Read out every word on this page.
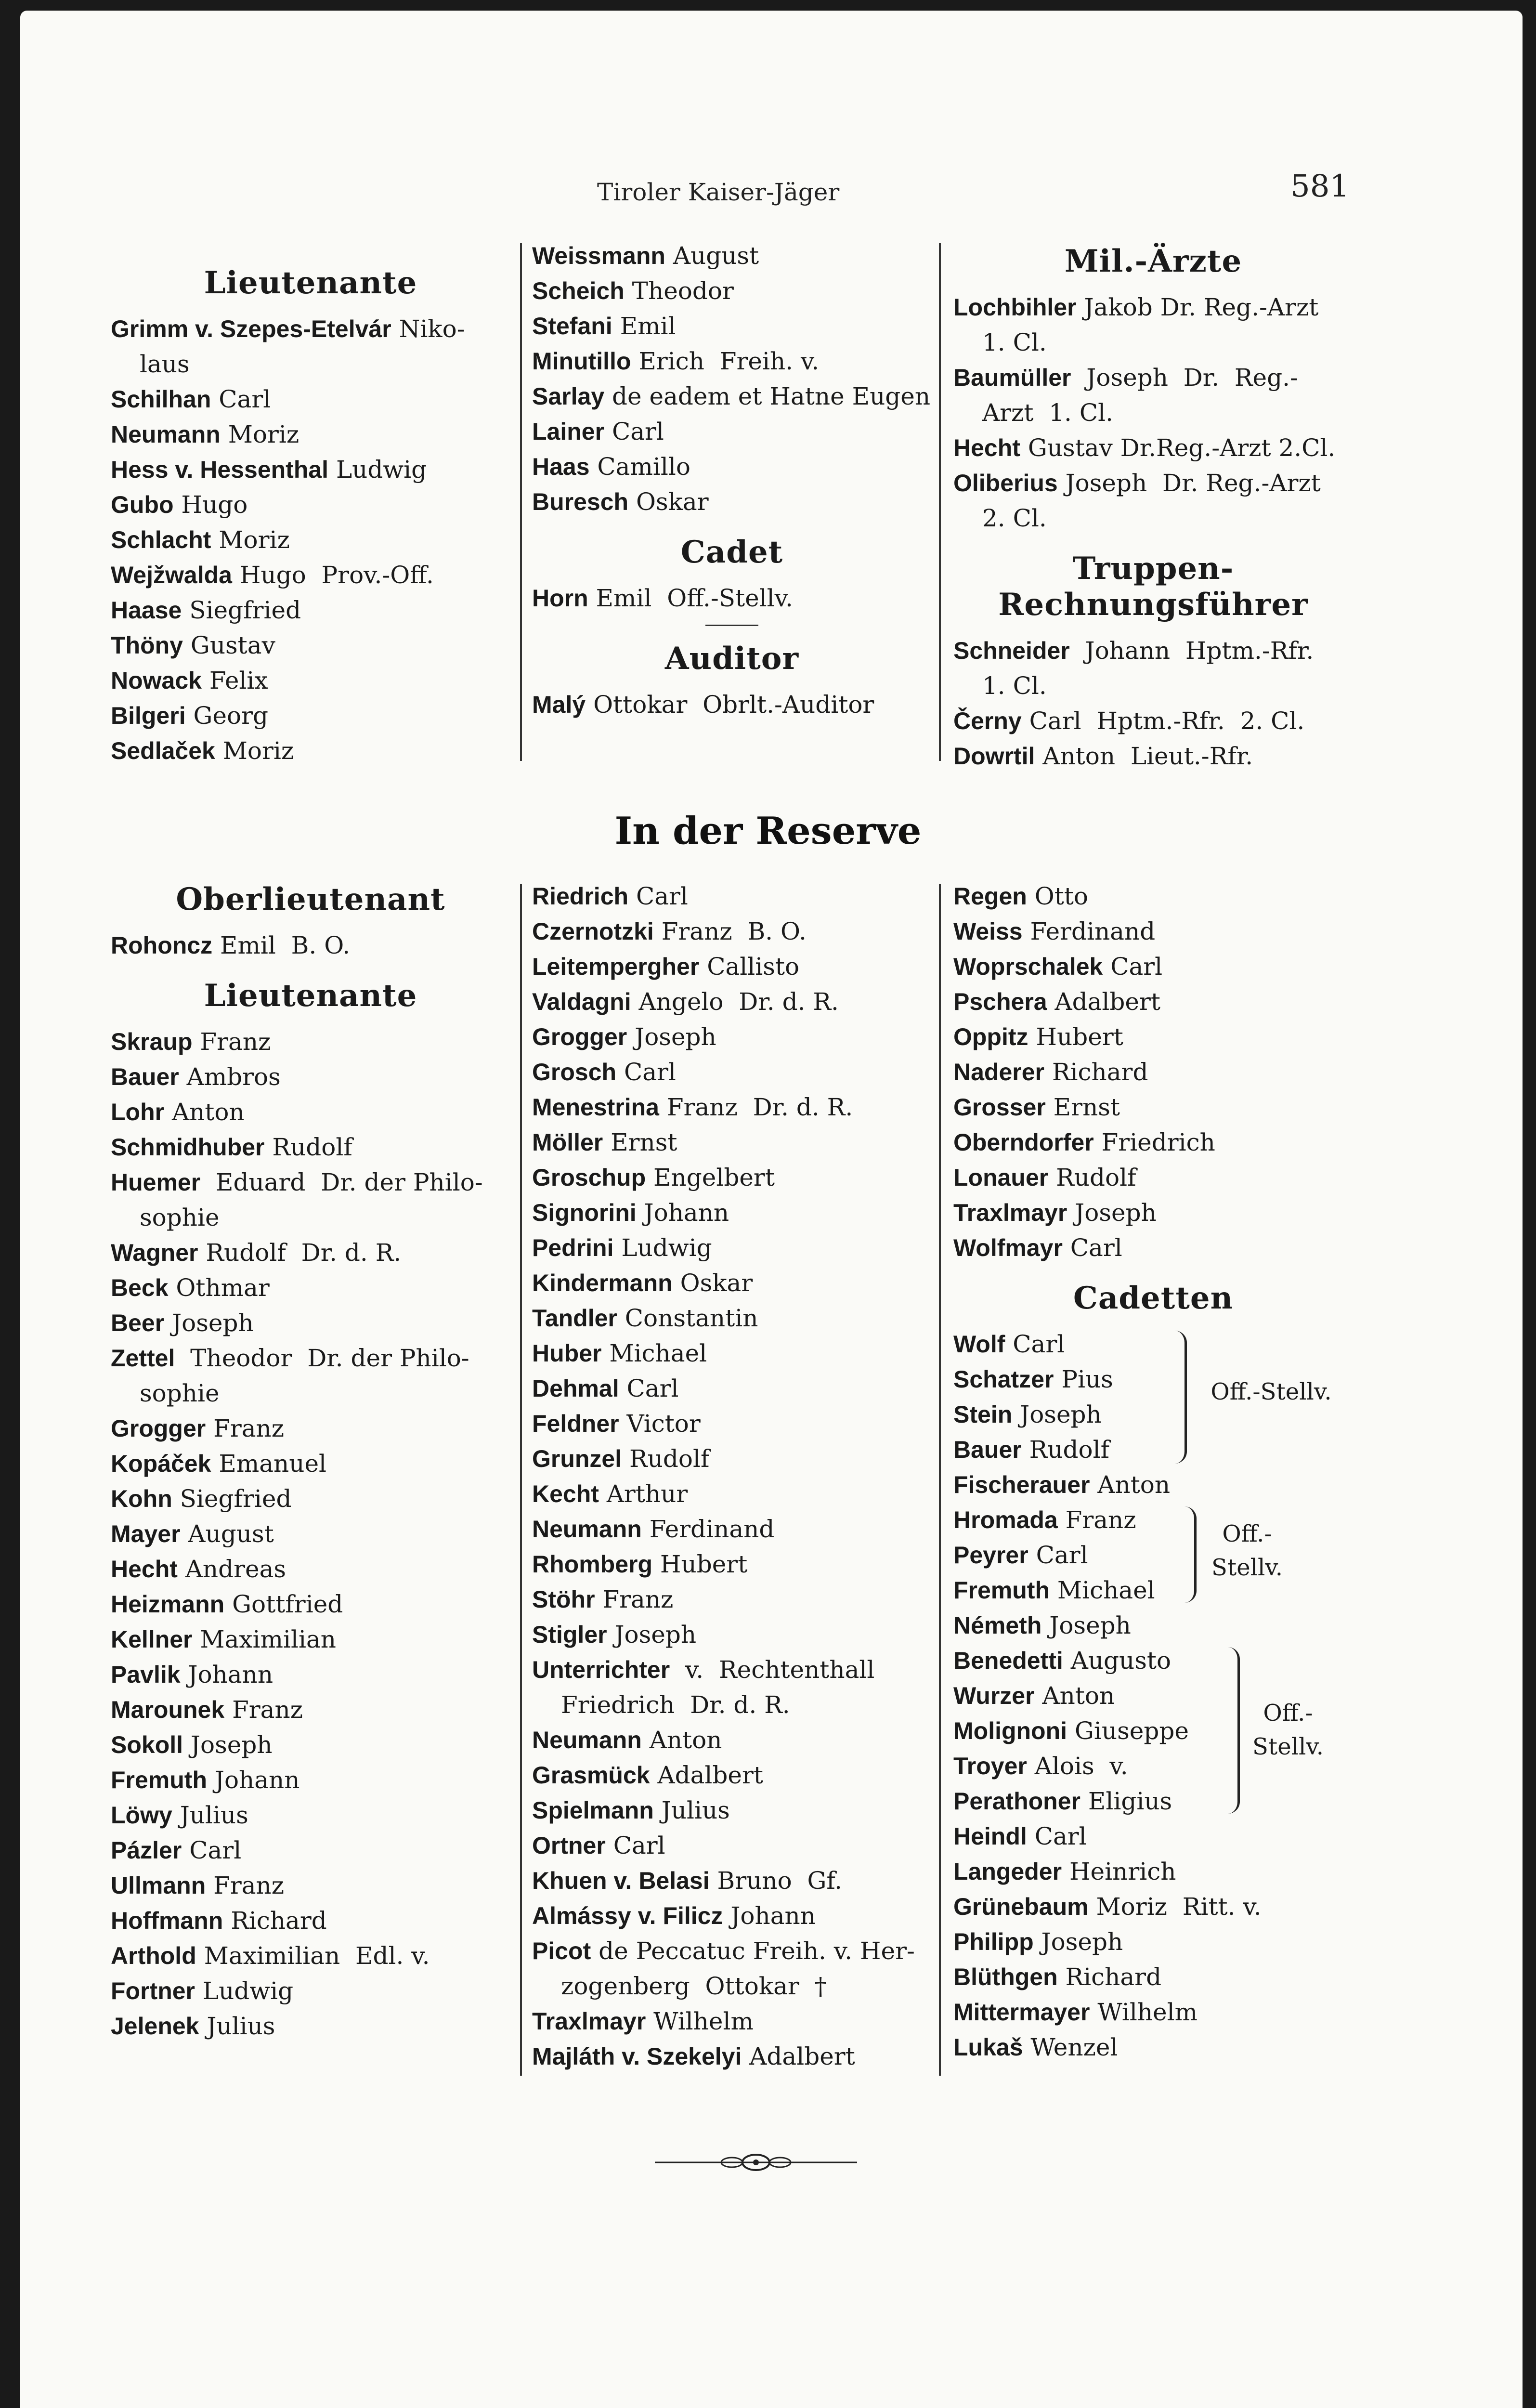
Tiroler Kaiser-Jäger	581
Lieutenante
Grimm v. Szepes-Etelvár Niko-
laus
Schilhan Carl
Neumann Moriz
Hess v. Hessenthal Ludwig
Gubo Hugo
Schlacht Moriz
Wejžwalda Hugo  Prov.-Off.
Haase Siegfried
Thöny Gustav
Nowack Felix
Bilgeri Georg
Sedlaček Moriz
Weissmann August
Scheich Theodor
Stefani Emil
Minutillo Erich  Freih. v.
Sarlay de eadem et Hatne Eugen
Lainer Carl
Haas Camillo
Buresch Oskar
Cadet
Horn Emil  Off.-Stellv.
Auditor
Malý Ottokar  Obrlt.-Auditor
Mil.-Ärzte
Lochbihler Jakob Dr. Reg.-Arzt
1. Cl.
Baumüller  Joseph  Dr.  Reg.-
Arzt  1. Cl.
Hecht Gustav Dr.Reg.-Arzt 2.Cl.
Oliberius Joseph  Dr. Reg.-Arzt
2. Cl.
Truppen-Rechnungsführer
Schneider  Johann  Hptm.-Rfr.
1. Cl.
Černy Carl  Hptm.-Rfr.  2. Cl.
Dowrtil Anton  Lieut.-Rfr.
In der Reserve
Oberlieutenant
Rohoncz Emil  B. O.
Lieutenante
Skraup Franz
Bauer Ambros
Lohr Anton
Schmidhuber Rudolf
Huemer  Eduard  Dr. der Philo-
sophie
Wagner Rudolf  Dr. d. R.
Beck Othmar
Beer Joseph
Zettel  Theodor  Dr. der Philo-
sophie
Grogger Franz
Kopáček Emanuel
Kohn Siegfried
Mayer August
Hecht Andreas
Heizmann Gottfried
Kellner Maximilian
Pavlik Johann
Marounek Franz
Sokoll Joseph
Fremuth Johann
Löwy Julius
Pázler Carl
Ullmann Franz
Hoffmann Richard
Arthold Maximilian  Edl. v.
Fortner Ludwig
Jelenek Julius
Riedrich Carl
Czernotzki Franz  B. O.
Leitempergher Callisto
Valdagni Angelo  Dr. d. R.
Grogger Joseph
Grosch Carl
Menestrina Franz  Dr. d. R.
Möller Ernst
Groschup Engelbert
Signorini Johann
Pedrini Ludwig
Kindermann Oskar
Tandler Constantin
Huber Michael
Dehmal Carl
Feldner Victor
Grunzel Rudolf
Kecht Arthur
Neumann Ferdinand
Rhomberg Hubert
Stöhr Franz
Stigler Joseph
Unterrichter  v.  Rechtenthall
Friedrich  Dr. d. R.
Neumann Anton
Grasmück Adalbert
Spielmann Julius
Ortner Carl
Khuen v. Belasi Bruno  Gf.
Almássy v. Filicz Johann
Picot de Peccatuc Freih. v. Her-
zogenberg  Ottokar  †
Traxlmayr Wilhelm
Majláth v. Szekelyi Adalbert
Regen Otto
Weiss Ferdinand
Woprschalek Carl
Pschera Adalbert
Oppitz Hubert
Naderer Richard
Grosser Ernst
Oberndorfer Friedrich
Lonauer Rudolf
Traxlmayr Joseph
Wolfmayr Carl
Cadetten
Wolf Carl
Schatzer Pius
Stein Joseph
Bauer Rudolf
Off.-Stellv.
Fischerauer Anton
Hromada Franz
Peyrer Carl
Fremuth Michael
Off.-
Stellv.
Németh Joseph
Benedetti Augusto
Wurzer Anton
Molignoni Giuseppe
Troyer Alois  v.
Perathoner Eligius
Off.-
Stellv.
Heindl Carl
Langeder Heinrich
Grünebaum Moriz  Ritt. v.
Philipp Joseph
Blüthgen Richard
Mittermayer Wilhelm
Lukaš Wenzel
